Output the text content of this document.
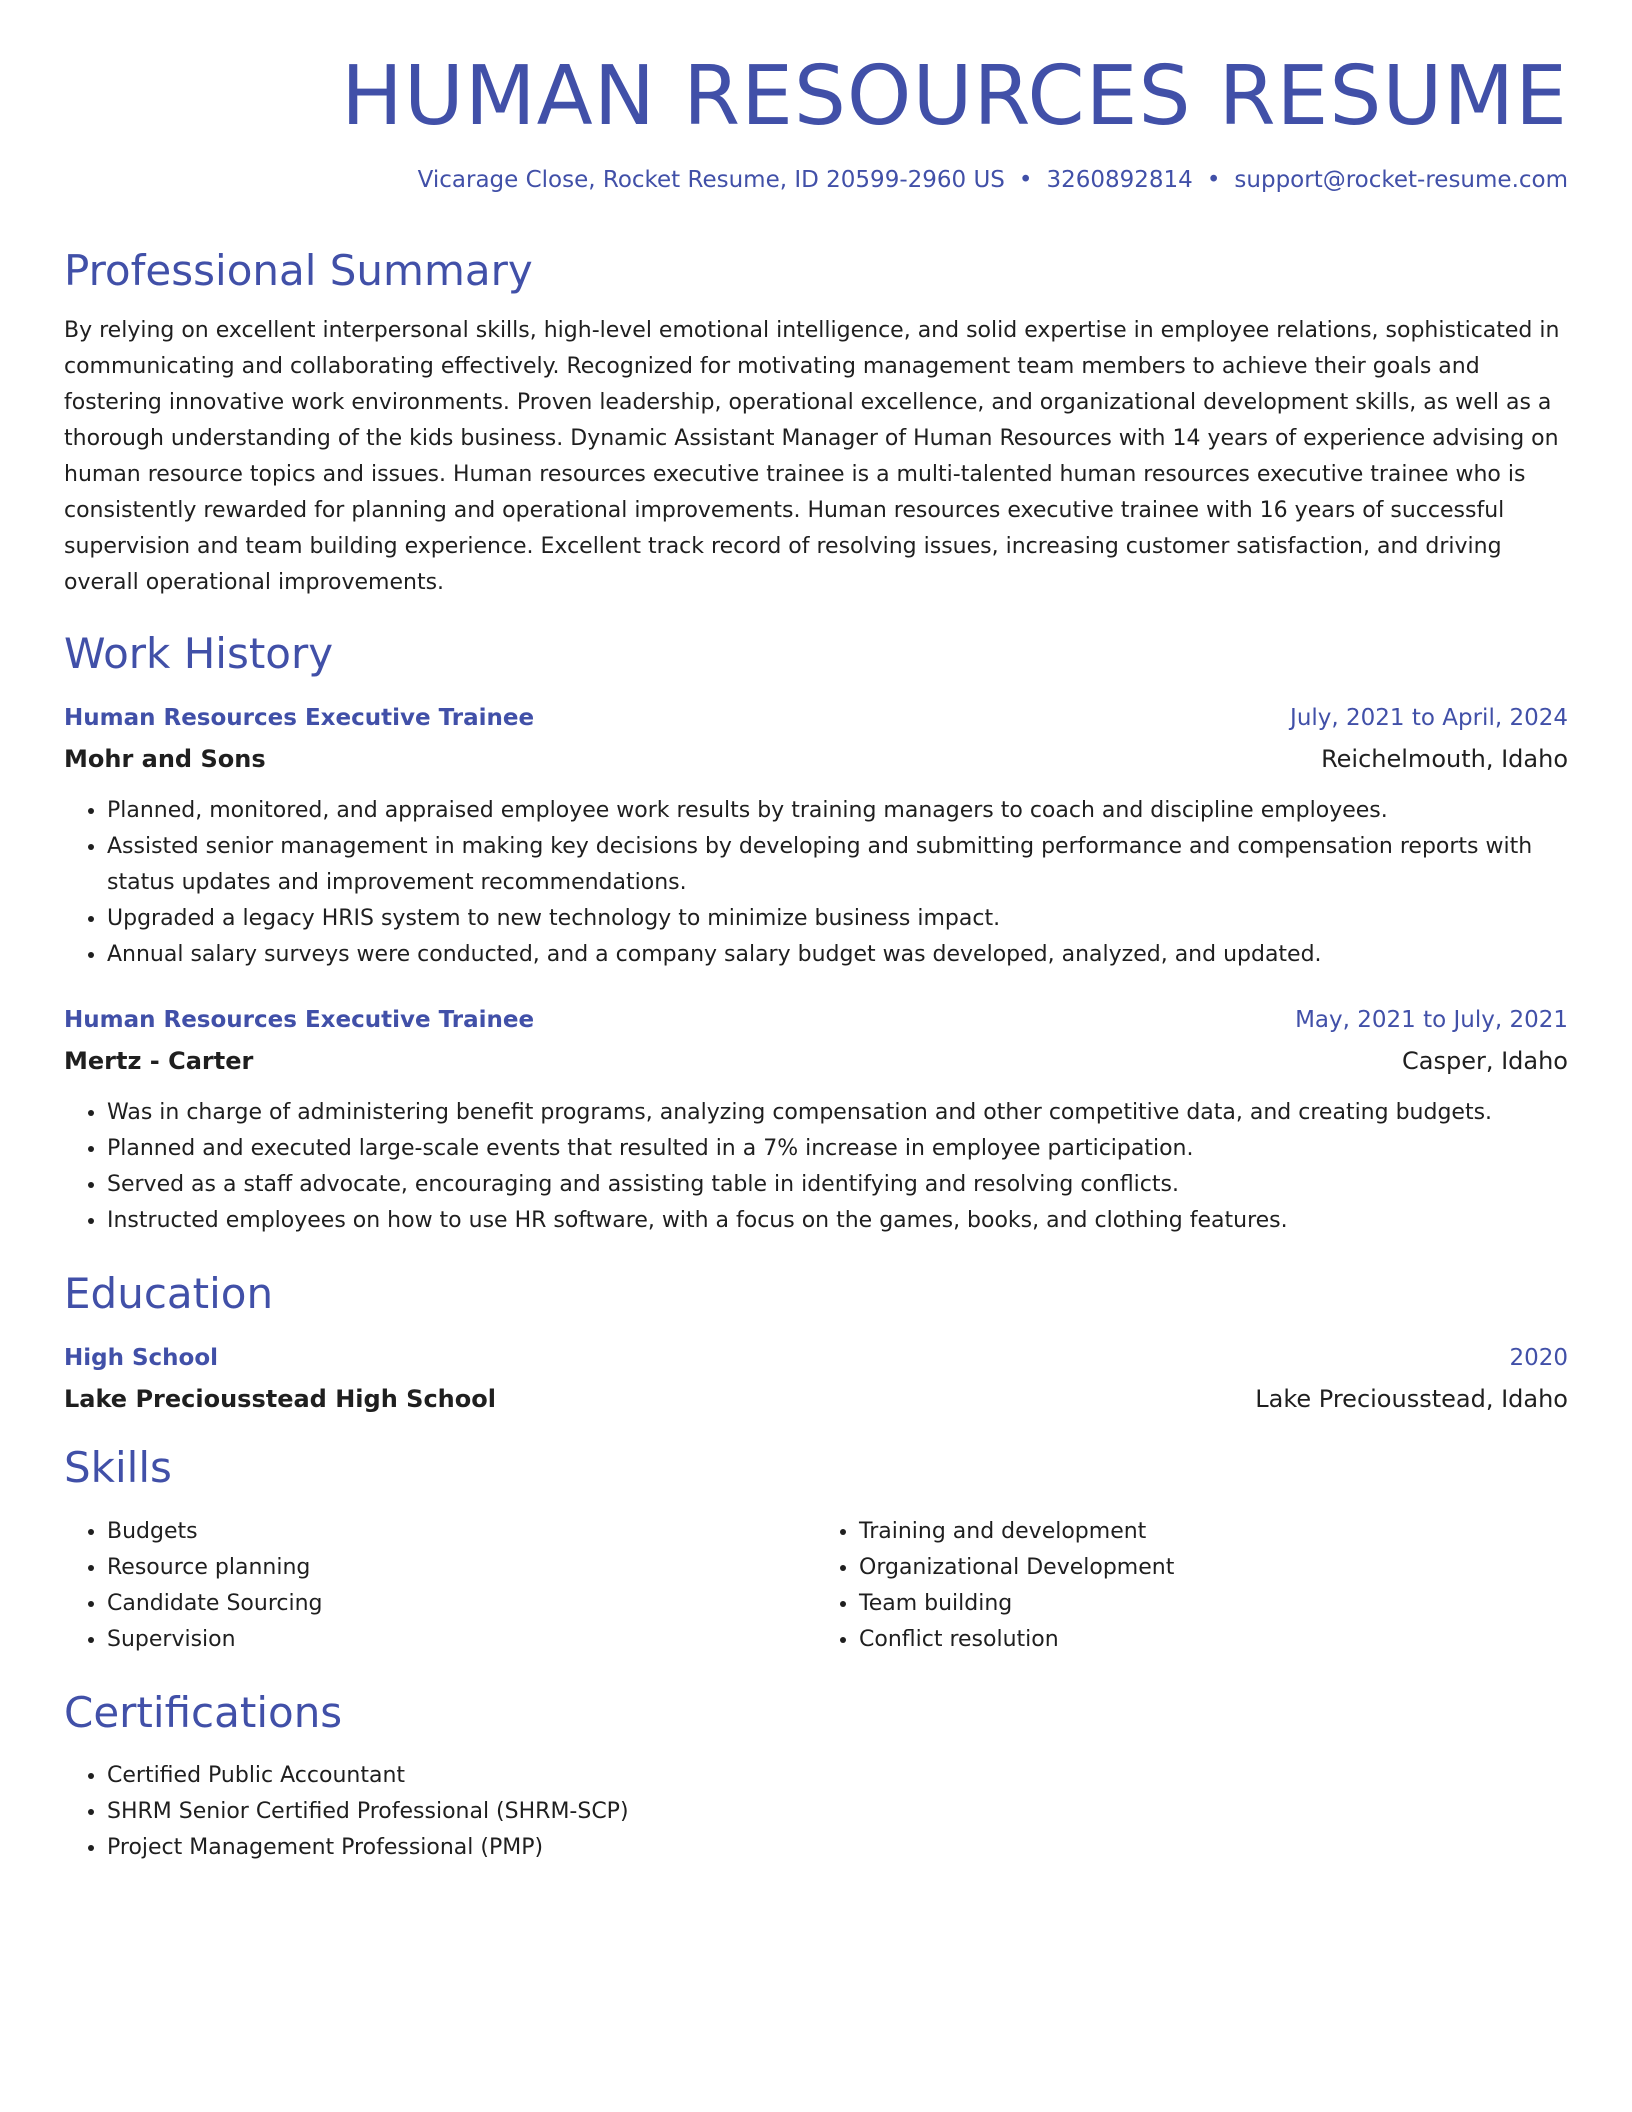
HUMAN RESOURCES RESUME
Vicarage Close, Rocket Resume, ID 20599-2960 US • 3260892814 • support@rocket-resume.com
Professional Summary
By relying on excellent interpersonal skills, high-level emotional intelligence, and solid expertise in employee relations, sophisticated in communicating and collaborating effectively. Recognized for motivating management team members to achieve their goals and fostering innovative work environments. Proven leadership, operational excellence, and organizational development skills, as well as a thorough understanding of the kids business. Dynamic Assistant Manager of Human Resources with 14 years of experience advising on human resource topics and issues. Human resources executive trainee is a multi-talented human resources executive trainee who is consistently rewarded for planning and operational improvements. Human resources executive trainee with 16 years of successful supervision and team building experience. Excellent track record of resolving issues, increasing customer satisfaction, and driving overall operational improvements.
Work History
Human Resources Executive Trainee	July, 2021 to April, 2024
Mohr and Sons	Reichelmouth, Idaho
• Planned, monitored, and appraised employee work results by training managers to coach and discipline employees.
• Assisted senior management in making key decisions by developing and submitting performance and compensation reports with status updates and improvement recommendations.
• Upgraded a legacy HRIS system to new technology to minimize business impact.
• Annual salary surveys were conducted, and a company salary budget was developed, analyzed, and updated.
Human Resources Executive Trainee	May, 2021 to July, 2021
Mertz - Carter	Casper, Idaho
• Was in charge of administering benefit programs, analyzing compensation and other competitive data, and creating budgets.
• Planned and executed large-scale events that resulted in a 7% increase in employee participation.
• Served as a staff advocate, encouraging and assisting table in identifying and resolving conflicts.
• Instructed employees on how to use HR software, with a focus on the games, books, and clothing features.
Education
High School	2020
Lake Preciousstead High School	Lake Preciousstead, Idaho
Skills
• Budgets
• Resource planning
• Candidate Sourcing
• Supervision
• Training and development
• Organizational Development
• Team building
• Conflict resolution
Certifications
• Certified Public Accountant
• SHRM Senior Certified Professional (SHRM-SCP)
• Project Management Professional (PMP)
